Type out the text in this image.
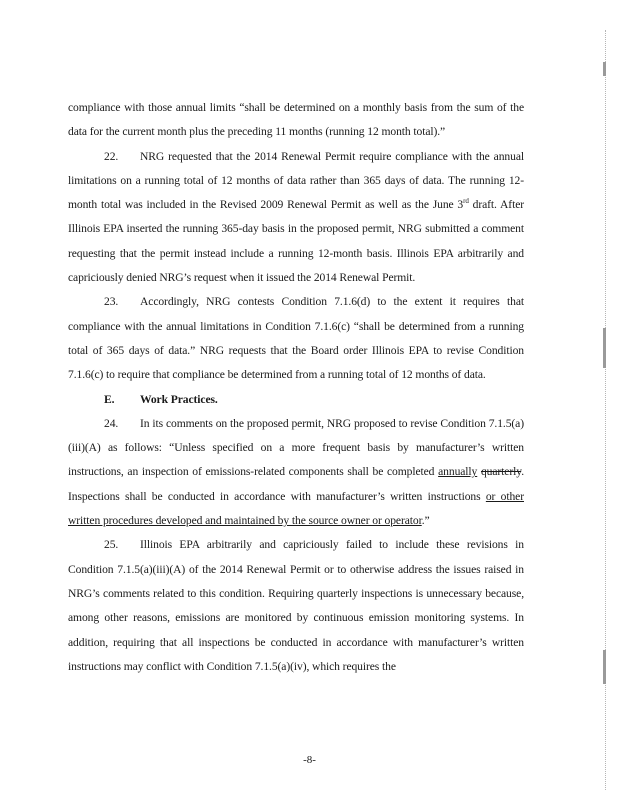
compliance with those annual limits “shall be determined on a monthly basis from the sum of the data for the current month plus the preceding 11 months (running 12 month total).”

22. NRG requested that the 2014 Renewal Permit require compliance with the annual limitations on a running total of 12 months of data rather than 365 days of data. The running 12-month total was included in the Revised 2009 Renewal Permit as well as the June 3rd draft. After Illinois EPA inserted the running 365-day basis in the proposed permit, NRG submitted a comment requesting that the permit instead include a running 12-month basis. Illinois EPA arbitrarily and capriciously denied NRG’s request when it issued the 2014 Renewal Permit.

23. Accordingly, NRG contests Condition 7.1.6(d) to the extent it requires that compliance with the annual limitations in Condition 7.1.6(c) “shall be determined from a running total of 365 days of data.” NRG requests that the Board order Illinois EPA to revise Condition 7.1.6(c) to require that compliance be determined from a running total of 12 months of data.

E. Work Practices.

24. In its comments on the proposed permit, NRG proposed to revise Condition 7.1.5(a)(iii)(A) as follows: “Unless specified on a more frequent basis by manufacturer’s written instructions, an inspection of emissions-related components shall be completed annually quarterly. Inspections shall be conducted in accordance with manufacturer’s written instructions or other written procedures developed and maintained by the source owner or operator.”

25. Illinois EPA arbitrarily and capriciously failed to include these revisions in Condition 7.1.5(a)(iii)(A) of the 2014 Renewal Permit or to otherwise address the issues raised in NRG’s comments related to this condition. Requiring quarterly inspections is unnecessary because, among other reasons, emissions are monitored by continuous emission monitoring systems. In addition, requiring that all inspections be conducted in accordance with manufacturer’s written instructions may conflict with Condition 7.1.5(a)(iv), which requires the

-8-
